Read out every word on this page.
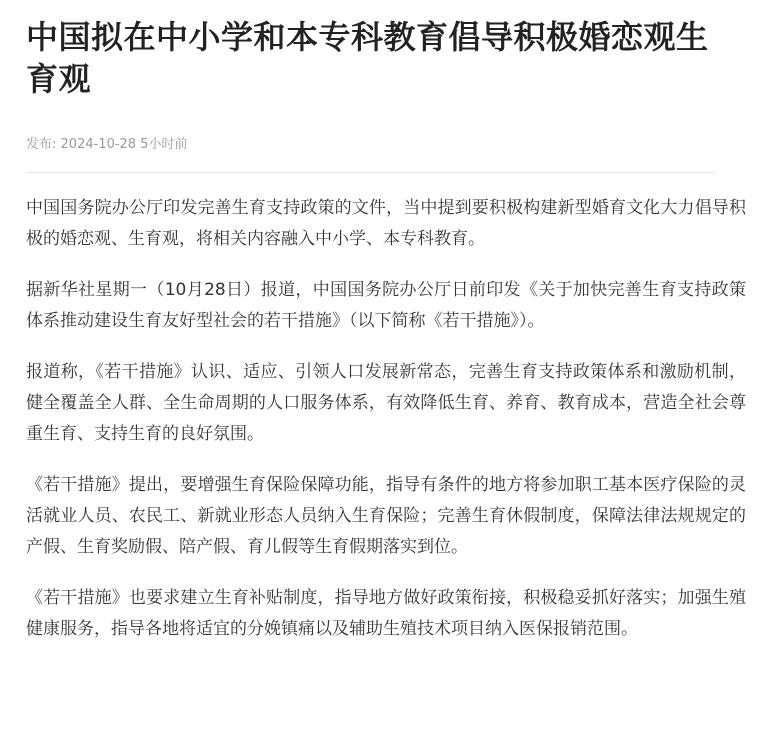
中国拟在中小学和本专科教育倡导积极婚恋观生育观
发布: 2024-10-28 5小时前

中国国务院办公厅印发完善生育支持政策的文件，当中提到要积极构建新型婚育文化大力倡导积极的婚恋观、生育观，将相关内容融入中小学、本专科教育。

据新华社星期一（10月28日）报道，中国国务院办公厅日前印发《关于加快完善生育支持政策体系推动建设生育友好型社会的若干措施》（以下简称《若干措施》）。

报道称，《若干措施》认识、适应、引领人口发展新常态，完善生育支持政策体系和激励机制，健全覆盖全人群、全生命周期的人口服务体系，有效降低生育、养育、教育成本，营造全社会尊重生育、支持生育的良好氛围。

《若干措施》提出，要增强生育保险保障功能，指导有条件的地方将参加职工基本医疗保险的灵活就业人员、农民工、新就业形态人员纳入生育保险；完善生育休假制度，保障法律法规规定的产假、生育奖励假、陪产假、育儿假等生育假期落实到位。

《若干措施》也要求建立生育补贴制度，指导地方做好政策衔接，积极稳妥抓好落实；加强生殖健康服务，指导各地将适宜的分娩镇痛以及辅助生殖技术项目纳入医保报销范围。
